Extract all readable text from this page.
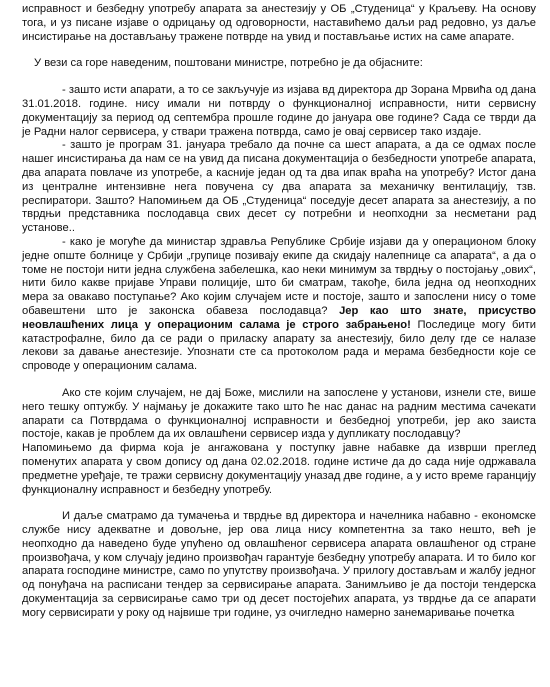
исправност и безбедну употребу апарата за анестезију у ОБ „Студеница“ у Краљеву. На основу тога, и уз писане изјаве о одрицању од одговорности, наставићемо даљи рад редовно, уз даље инсистирање на достављању тражене потврде на увид и постављање истих на саме апарате.

У вези са горе наведеним, поштовани министре, потребно је да објасните:

- зашто исти апарати, а то се закључује из изјава вд директора др Зорана Мрвића од дана 31.01.2018. године. нису имали ни потврду о функционалној исправности, нити сервисну документацију за период од септембра прошле године до јануара ове године? Сада се тврди да је Радни налог сервисера, у ствари тражена потврда, само је овај сервисер тако издаје.

- зашто је програм 31. јануара требало да почне са шест апарата, а да се одмах после нашег инсистирања да нам се на увид да писана документација о безбедности употребе апарата, два апарата повлаче из употребе, а касније један од та два ипак враћа на употребу? Истог дана из централне интензивне нега повучена су два апарата за механичку вентилацију, тзв. респиратори. Зашто? Напомињем да ОБ „Студеница“ поседује десет апарата за анестезију, а по тврдњи представника послодавца свих десет су потребни и неопходни за несметани рад установе..

- како је могуће да министар здравља Републике Србије изјави да у операционом блоку једне опште болнице у Србији „групице позивају екипе да скидају налепнице са апарата“, а да о томе не постоји нити једна службена забелешка, као неки минимум за тврдњу о постојању „ових“, нити било какве пријаве Управи полиције, што би сматрам, такође, била једна од неопходних мера за овакаво поступање? Ако којим случајем исте и постоје, зашто и запослени нису о томе обавештени што је законска обавеза послодавца? Јер као што знате, присуство неовлашћених лица у операционим салама је строго забрањено! Последице могу бити катастрофалне, било да се ради о приласку апарату за анестезију, било делу где се налазе лекови за давање анестезије. Упознати сте са протоколом рада и мерама безбедности које се спроводе у операционим салама.

Ако сте којим случајем, не дај Боже, мислили на запослене у установи, изнели сте, више него тешку оптужбу. У најмању је докажите тако што ће нас данас на радним местима сачекати апарати са Потврдама о функционалној исправности и безбедној употреби, јер ако заиста постоје, какав је проблем да их овлашћени сервисер изда у дупликату послодавцу?

Напомињемо да фирма која је ангажована у поступку јавне набавке да изврши преглед поменутих апарата у свом допису од дана 02.02.2018. године истиче да до сада није одржавала предметне уређаје, те тражи сервисну документацију уназад две године, а у исто време гаранцију функционалну исправност и безбедну употребу.

И даље сматрамо да тумачења и тврдње вд директора и начелника набавно - економске службе нису адекватне и довољне, јер ова лица нису компетентна за тако нешто, већ је неопходно да наведено буде упућено од овлашћеног сервисера апарата овлашћеног од стране произвођача, у ком случају једино произвођач гарантује безбедну употребу апарата. И то било ког апарата господине министре, само по упутству произвођача. У прилогу достављам и жалбу једног од понуђача на расписани тендер за сервисирање апарата. Занимљиво је да постоји тендерска документација за сервисирање само три од десет постојећих апарата, уз тврдње да се апарати могу сервисирати у року од највише три године, уз очигледно намерно занемаривање почетка
